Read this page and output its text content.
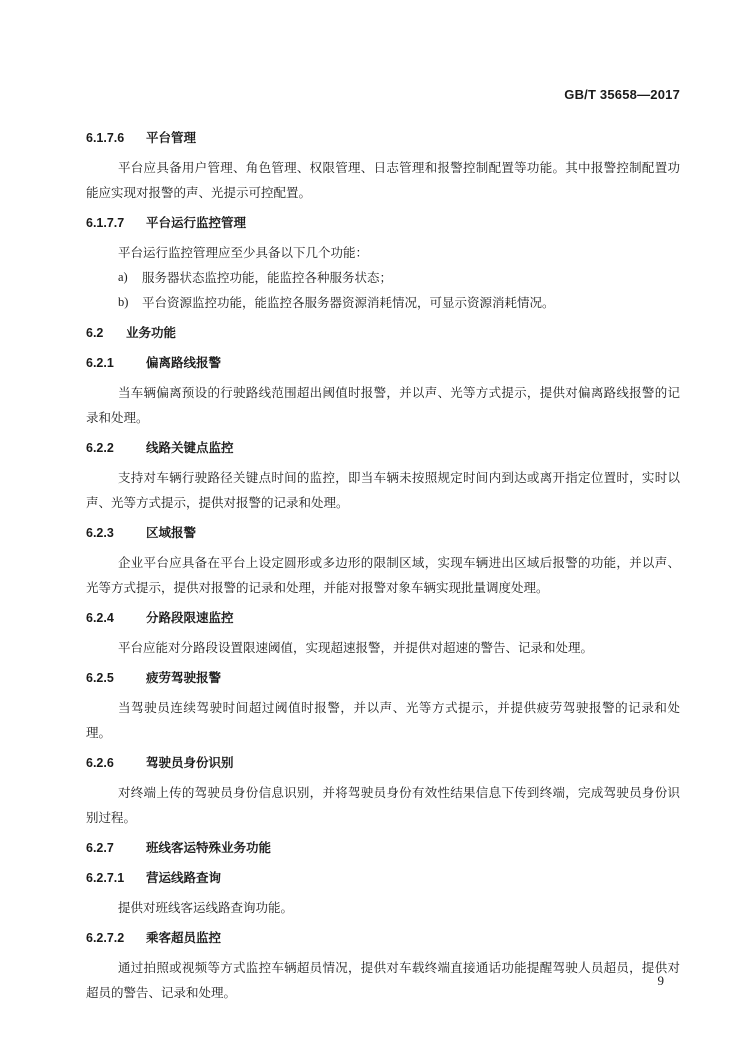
GB/T 35658—2017
6.1.7.6	平台管理

平台应具备用户管理、角色管理、权限管理、日志管理和报警控制配置等功能。其中报警控制配置功能应实现对报警的声、光提示可控配置。

6.1.7.7	平台运行监控管理

平台运行监控管理应至少具备以下几个功能：

a)	服务器状态监控功能，能监控各种服务状态；
b)	平台资源监控功能，能监控各服务器资源消耗情况，可显示资源消耗情况。
6.2	业务功能
6.2.1	偏离路线报警

当车辆偏离预设的行驶路线范围超出阈值时报警，并以声、光等方式提示，提供对偏离路线报警的记录和处理。

6.2.2	线路关键点监控

支持对车辆行驶路径关键点时间的监控，即当车辆未按照规定时间内到达或离开指定位置时，实时以声、光等方式提示，提供对报警的记录和处理。

6.2.3	区域报警

企业平台应具备在平台上设定圆形或多边形的限制区域，实现车辆进出区域后报警的功能，并以声、光等方式提示，提供对报警的记录和处理，并能对报警对象车辆实现批量调度处理。

6.2.4	分路段限速监控

平台应能对分路段设置限速阈值，实现超速报警，并提供对超速的警告、记录和处理。

6.2.5	疲劳驾驶报警

当驾驶员连续驾驶时间超过阈值时报警，并以声、光等方式提示，并提供疲劳驾驶报警的记录和处理。

6.2.6	驾驶员身份识别

对终端上传的驾驶员身份信息识别，并将驾驶员身份有效性结果信息下传到终端，完成驾驶员身份识别过程。

6.2.7	班线客运特殊业务功能
6.2.7.1	营运线路查询

提供对班线客运线路查询功能。

6.2.7.2	乘客超员监控

通过拍照或视频等方式监控车辆超员情况，提供对车载终端直接通话功能提醒驾驶人员超员，提供对超员的警告、记录和处理。

9
